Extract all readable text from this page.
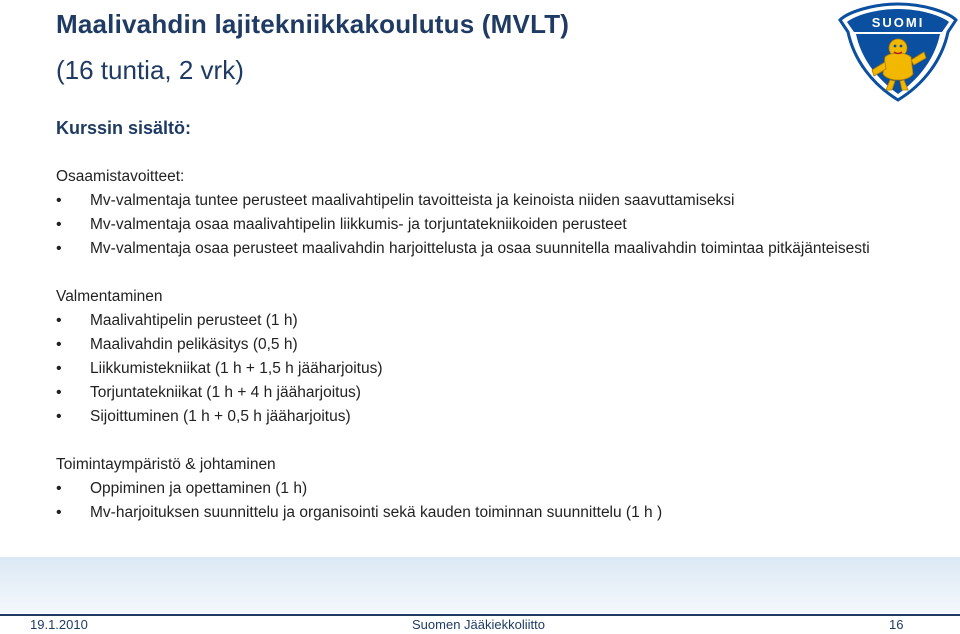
Maalivahdin lajitekniikkakoulutus (MVLT)
(16 tuntia, 2 vrk)
SUOMI
Kurssin sisältö:
Osaamistavoitteet:
• Mv-valmentaja tuntee perusteet maalivahtipelin tavoitteista ja keinoista niiden saavuttamiseksi
• Mv-valmentaja osaa maalivahtipelin liikkumis- ja torjuntatekniikoiden perusteet
• Mv-valmentaja osaa perusteet maalivahdin harjoittelusta ja osaa suunnitella maalivahdin toimintaa pitkäjänteisesti
Valmentaminen
• Maalivahtipelin perusteet (1 h)
• Maalivahdin pelikäsitys (0,5 h)
• Liikkumistekniikat (1 h + 1,5 h jääharjoitus)
• Torjuntatekniikat (1 h + 4 h jääharjoitus)
• Sijoittuminen (1 h + 0,5 h jääharjoitus)
Toimintaympäristö & johtaminen
• Oppiminen ja opettaminen (1 h)
• Mv-harjoituksen suunnittelu ja organisointi sekä kauden toiminnan suunnittelu (1 h )
19.1.2010	Suomen Jääkiekkoliitto	16
